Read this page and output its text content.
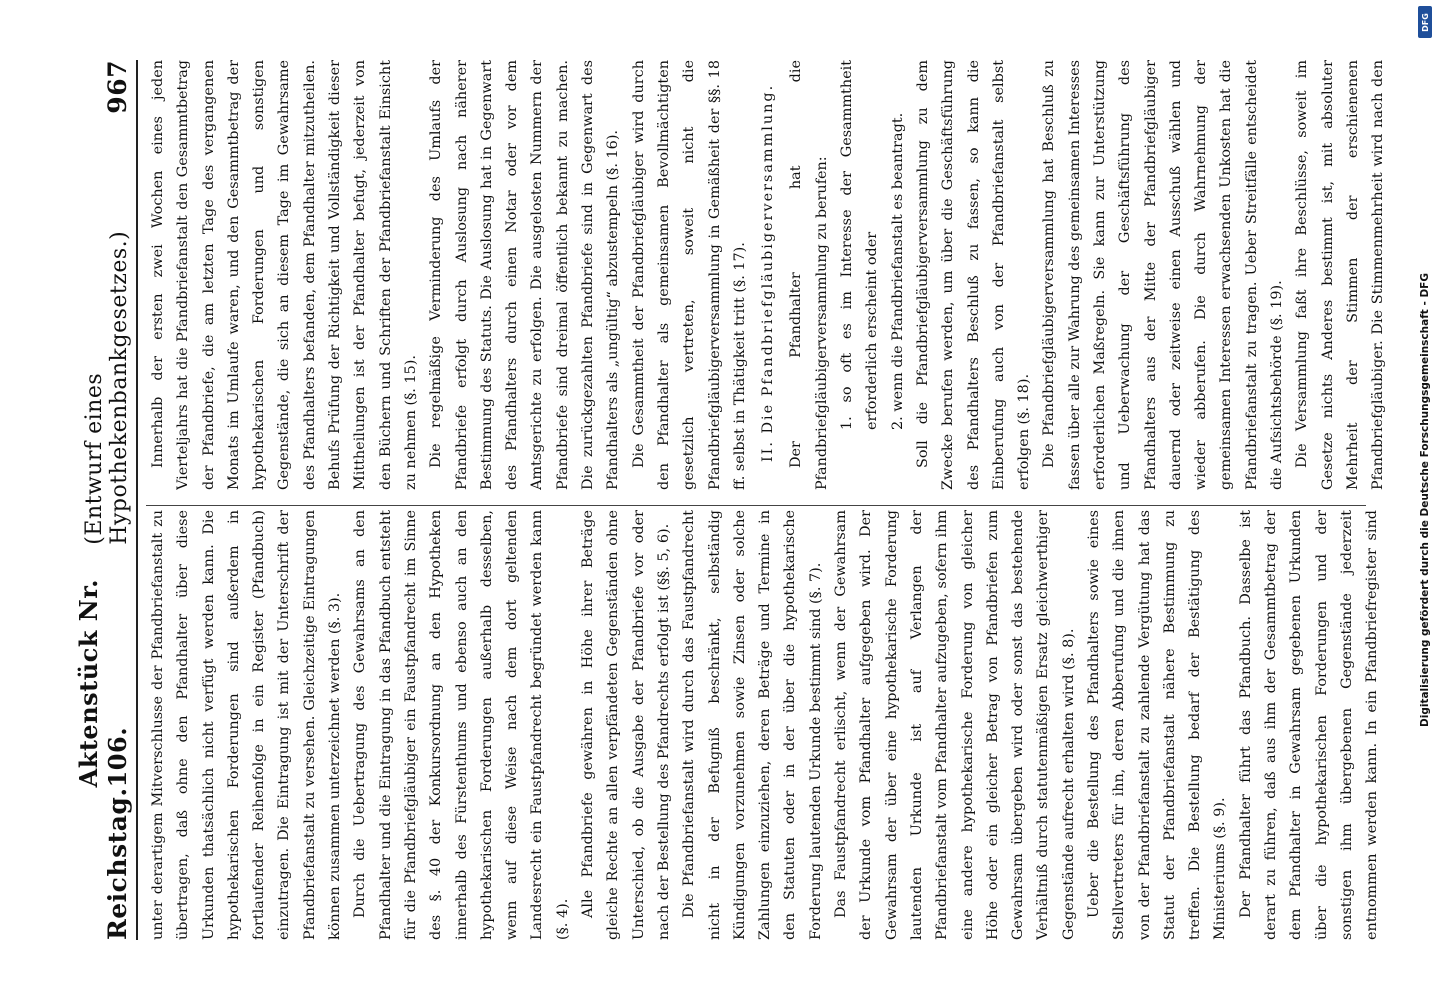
Reichstag.
Aktenstück Nr. 106.
(Entwurf eines Hypothekenbankgesetzes.)
967

unter derartigem Mitverschlusse der Pfandbriefanstalt zu übertragen, daß ohne den Pfandhalter über diese Urkunden thatsächlich nicht verfügt werden kann. Die hypothekarischen Forderungen sind außerdem in fortlaufender Reihenfolge in ein Register (Pfandbuch) einzutragen. Die Eintragung ist mit der Unterschrift der Pfandbriefanstalt zu versehen. Gleichzeitige Eintragungen können zusammen unterzeichnet werden (§. 3). Durch die Uebertragung des Gewahrsams an den Pfandhalter und die Eintragung in das Pfandbuch entsteht für die Pfandbriefgläubiger ein Faustpfandrecht im Sinne des §. 40 der Konkursordnung an den Hypotheken innerhalb des Fürstenthums und ebenso auch an den hypothekarischen Forderungen außerhalb desselben, wenn auf diese Weise nach dem dort geltenden Landesrecht ein Faustpfandrecht begründet werden kann (§. 4).

Alle Pfandbriefe gewähren in Höhe ihrer Beträge gleiche Rechte an allen verpfändeten Gegenständen ohne Unterschied, ob die Ausgabe der Pfandbriefe vor oder nach der Bestellung des Pfandrechts erfolgt ist (§§. 5, 6). Die Pfandbriefanstalt wird durch das Faustpfandrecht nicht in der Befugniß beschränkt, selbständig Kündigungen vorzunehmen sowie Zinsen oder solche Zahlungen einzuziehen, deren Beträge und Termine in den Statuten oder in der über die hypothekarische Forderung lautenden Urkunde bestimmt sind (§. 7). Das Faustpfandrecht erlischt, wenn der Gewahrsam der Urkunde vom Pfandhalter aufgegeben wird. Der Gewahrsam der über eine hypothekarische Forderung lautenden Urkunde ist auf Verlangen der Pfandbriefanstalt vom Pfandhalter aufzugeben, sofern ihm eine andere hypothekarische Forderung von gleicher Höhe oder ein gleicher Betrag von Pfandbriefen zum Gewahrsam übergeben wird oder sonst das bestehende Verhältniß durch statutenmäßigen Ersatz gleichwerthiger Gegenstände aufrecht erhalten wird (§. 8). Ueber die Bestellung des Pfandhalters sowie eines Stellvertreters für ihn, deren Abberufung und die ihnen von der Pfandbriefanstalt zu zahlende Vergütung hat das Statut der Pfandbriefanstalt nähere Bestimmung zu treffen. Die Bestellung bedarf der Bestätigung des Ministeriums (§. 9). Der Pfandhalter führt das Pfandbuch. Dasselbe ist derart zu führen, daß aus ihm der Gesammtbetrag der dem Pfandhalter in Gewahrsam gegebenen Urkunden über die hypothekarischen Forderungen und der sonstigen ihm übergebenen Gegenstände jederzeit entnommen werden kann. In ein Pfandbriefregister sind

Innerhalb der ersten zwei Wochen eines jeden Vierteljahrs hat die Pfandbriefanstalt den Gesammtbetrag der Pfandbriefe, die am letzten Tage des vergangenen Monats im Umlaufe waren, und den Gesammtbetrag der hypothekarischen Forderungen und sonstigen Gegenstände, die sich an diesem Tage im Gewahrsame des Pfandhalters befanden, dem Pfandhalter mitzutheilen. Behufs Prüfung der Richtigkeit und Vollständigkeit dieser Mittheilungen ist der Pfandhalter befugt, jederzeit von den Büchern und Schriften der Pfandbriefanstalt Einsicht zu nehmen (§. 15). Die regelmäßige Verminderung des Umlaufs der Pfandbriefe erfolgt durch Auslosung nach näherer Bestimmung des Statuts. Die Auslosung hat in Gegenwart des Pfandhalters durch einen Notar oder vor dem Amtsgerichte zu erfolgen. Die ausgelosten Nummern der Pfandbriefe sind dreimal öffentlich bekannt zu machen. Die zurückgezahlten Pfandbriefe sind in Gegenwart des Pfandhalters als „ungültig“ abzustempeln (§. 16). Die Gesammtheit der Pfandbriefgläubiger wird durch den Pfandhalter als gemeinsamen Bevollmächtigten gesetzlich vertreten, soweit nicht die Pfandbriefgläubigerversammlung in Gemäßheit der §§. 18 ff. selbst in Thätigkeit tritt (§. 17). II. Die Pfandbriefgläubigerversammlung. Der Pfandhalter hat die Pfandbriefgläubigerversammlung zu berufen: 1. so oft es im Interesse der Gesammtheit erforderlich erscheint oder 2. wenn die Pfandbriefanstalt es beantragt. Soll die Pfandbriefgläubigerversammlung zu dem Zwecke berufen werden, um über die Geschäftsführung des Pfandhalters Beschluß zu fassen, so kann die Einberufung auch von der Pfandbriefanstalt selbst erfolgen (§. 18). Die Pfandbriefgläubigerversammlung hat Beschluß zu fassen über alle zur Wahrung des gemeinsamen Interesses erforderlichen Maßregeln. Sie kann zur Unterstützung und Ueberwachung der Geschäftsführung des Pfandhalters aus der Mitte der Pfandbriefgläubiger dauernd oder zeitweise einen Ausschuß wählen und wieder abberufen. Die durch Wahrnehmung der gemeinsamen Interessen erwachsenden Unkosten hat die Pfandbriefanstalt zu tragen. Ueber Streitfälle entscheidet die Aufsichtsbehörde (§. 19). Die Versammlung faßt ihre Beschlüsse, soweit im Gesetze nichts Anderes bestimmt ist, mit absoluter Mehrheit der Stimmen der erschienenen Pfandbriefgläubiger. Die Stimmenmehrheit wird nach den

DFG
Digitalisierung gefördert durch die Deutsche Forschungsgemeinschaft - DFG
